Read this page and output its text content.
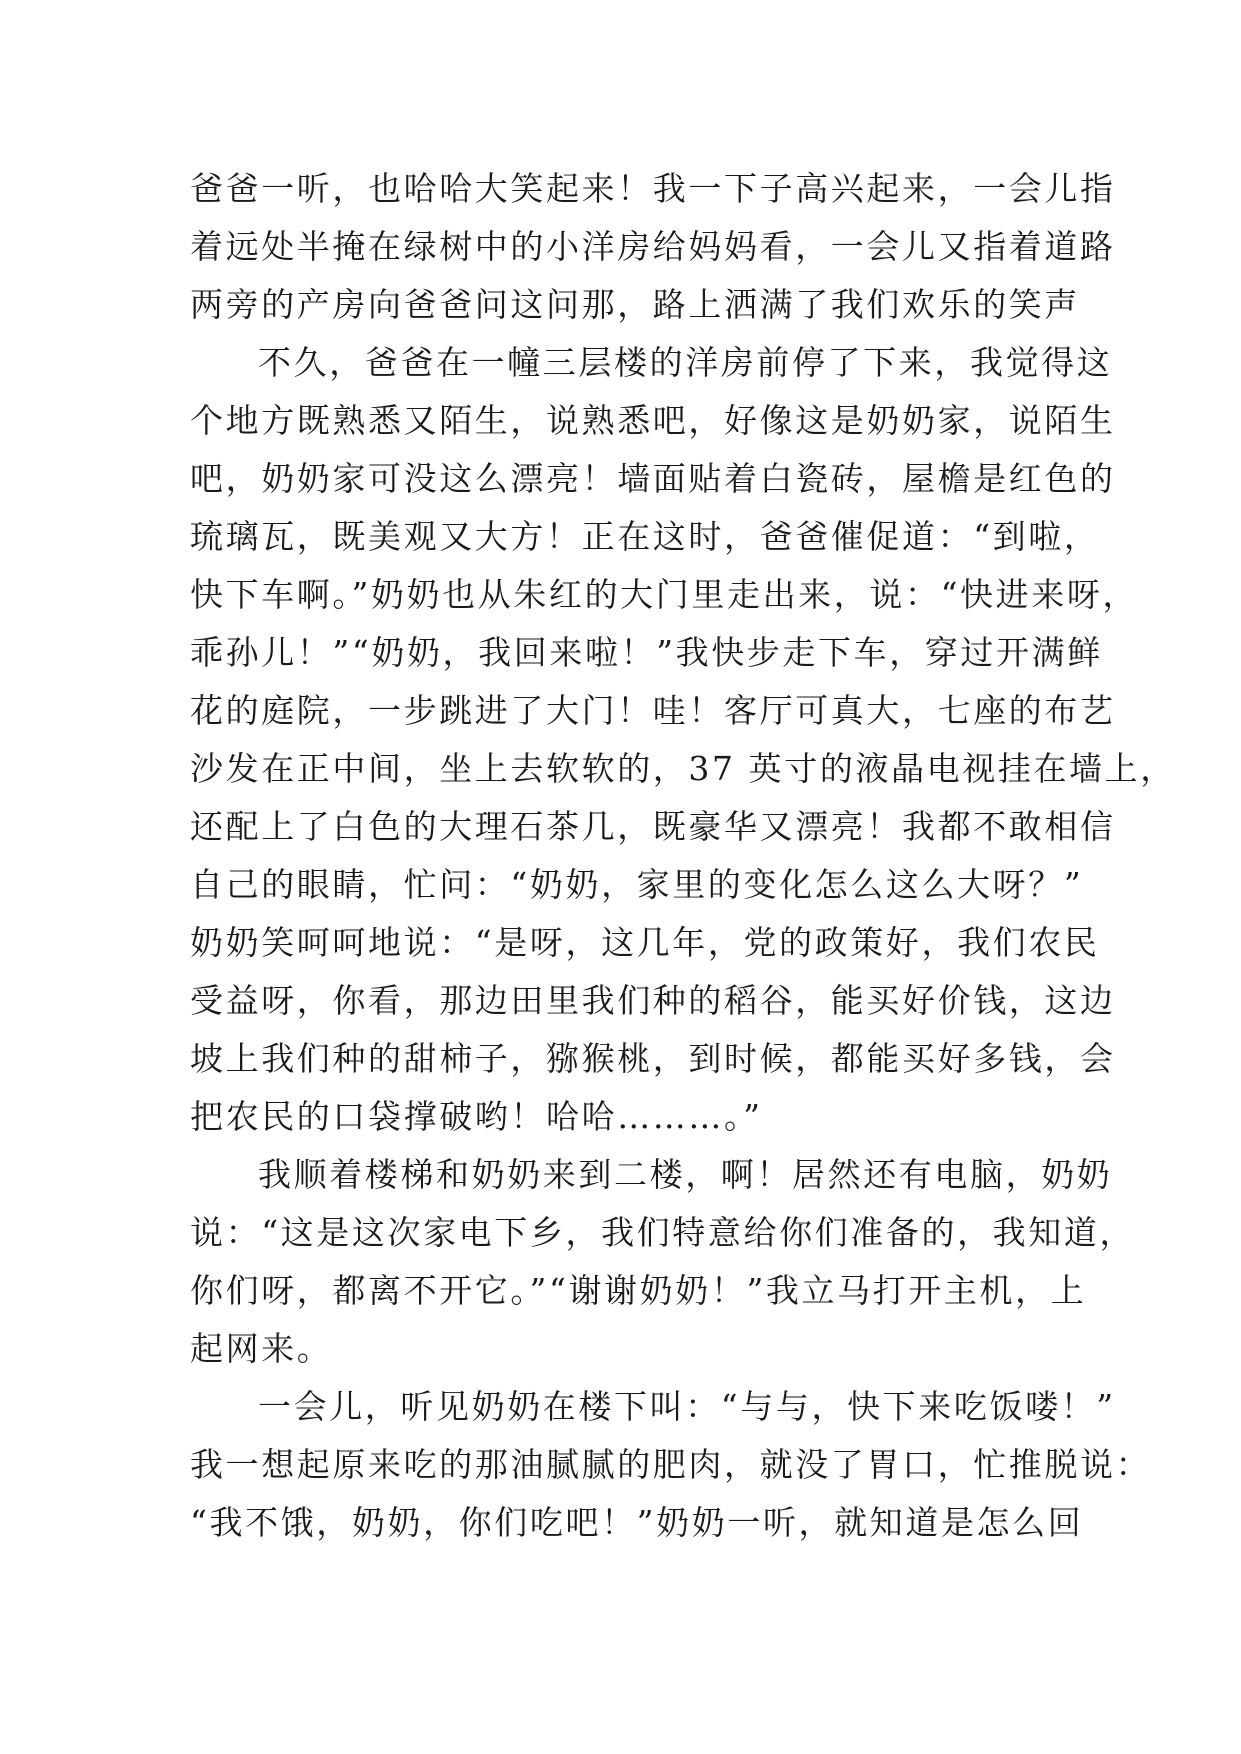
爸爸一听，也哈哈大笑起来！我一下子高兴起来，一会儿指
着远处半掩在绿树中的小洋房给妈妈看，一会儿又指着道路
两旁的产房向爸爸问这问那，路上洒满了我们欢乐的笑声
不久，爸爸在一幢三层楼的洋房前停了下来，我觉得这
个地方既熟悉又陌生，说熟悉吧，好像这是奶奶家，说陌生
吧，奶奶家可没这么漂亮！墙面贴着白瓷砖，屋檐是红色的
琉璃瓦，既美观又大方！正在这时，爸爸催促道：“到啦，
快下车啊。”奶奶也从朱红的大门里走出来，说：“快进来呀，
乖孙儿！”“奶奶，我回来啦！”我快步走下车，穿过开满鲜
花的庭院，一步跳进了大门！哇！客厅可真大，七座的布艺
沙发在正中间，坐上去软软的，37 英寸的液晶电视挂在墙上，
还配上了白色的大理石茶几，既豪华又漂亮！我都不敢相信
自己的眼睛，忙问：“奶奶，家里的变化怎么这么大呀？”
奶奶笑呵呵地说：“是呀，这几年，党的政策好，我们农民
受益呀，你看，那边田里我们种的稻谷，能买好价钱，这边
坡上我们种的甜柿子，猕猴桃，到时候，都能买好多钱，会
把农民的口袋撑破哟！哈哈………。”
我顺着楼梯和奶奶来到二楼，啊！居然还有电脑，奶奶
说：“这是这次家电下乡，我们特意给你们准备的，我知道，
你们呀，都离不开它。”“谢谢奶奶！”我立马打开主机，上
起网来。
一会儿，听见奶奶在楼下叫：“与与，快下来吃饭喽！”
我一想起原来吃的那油腻腻的肥肉，就没了胃口，忙推脱说：
“我不饿，奶奶，你们吃吧！”奶奶一听，就知道是怎么回
